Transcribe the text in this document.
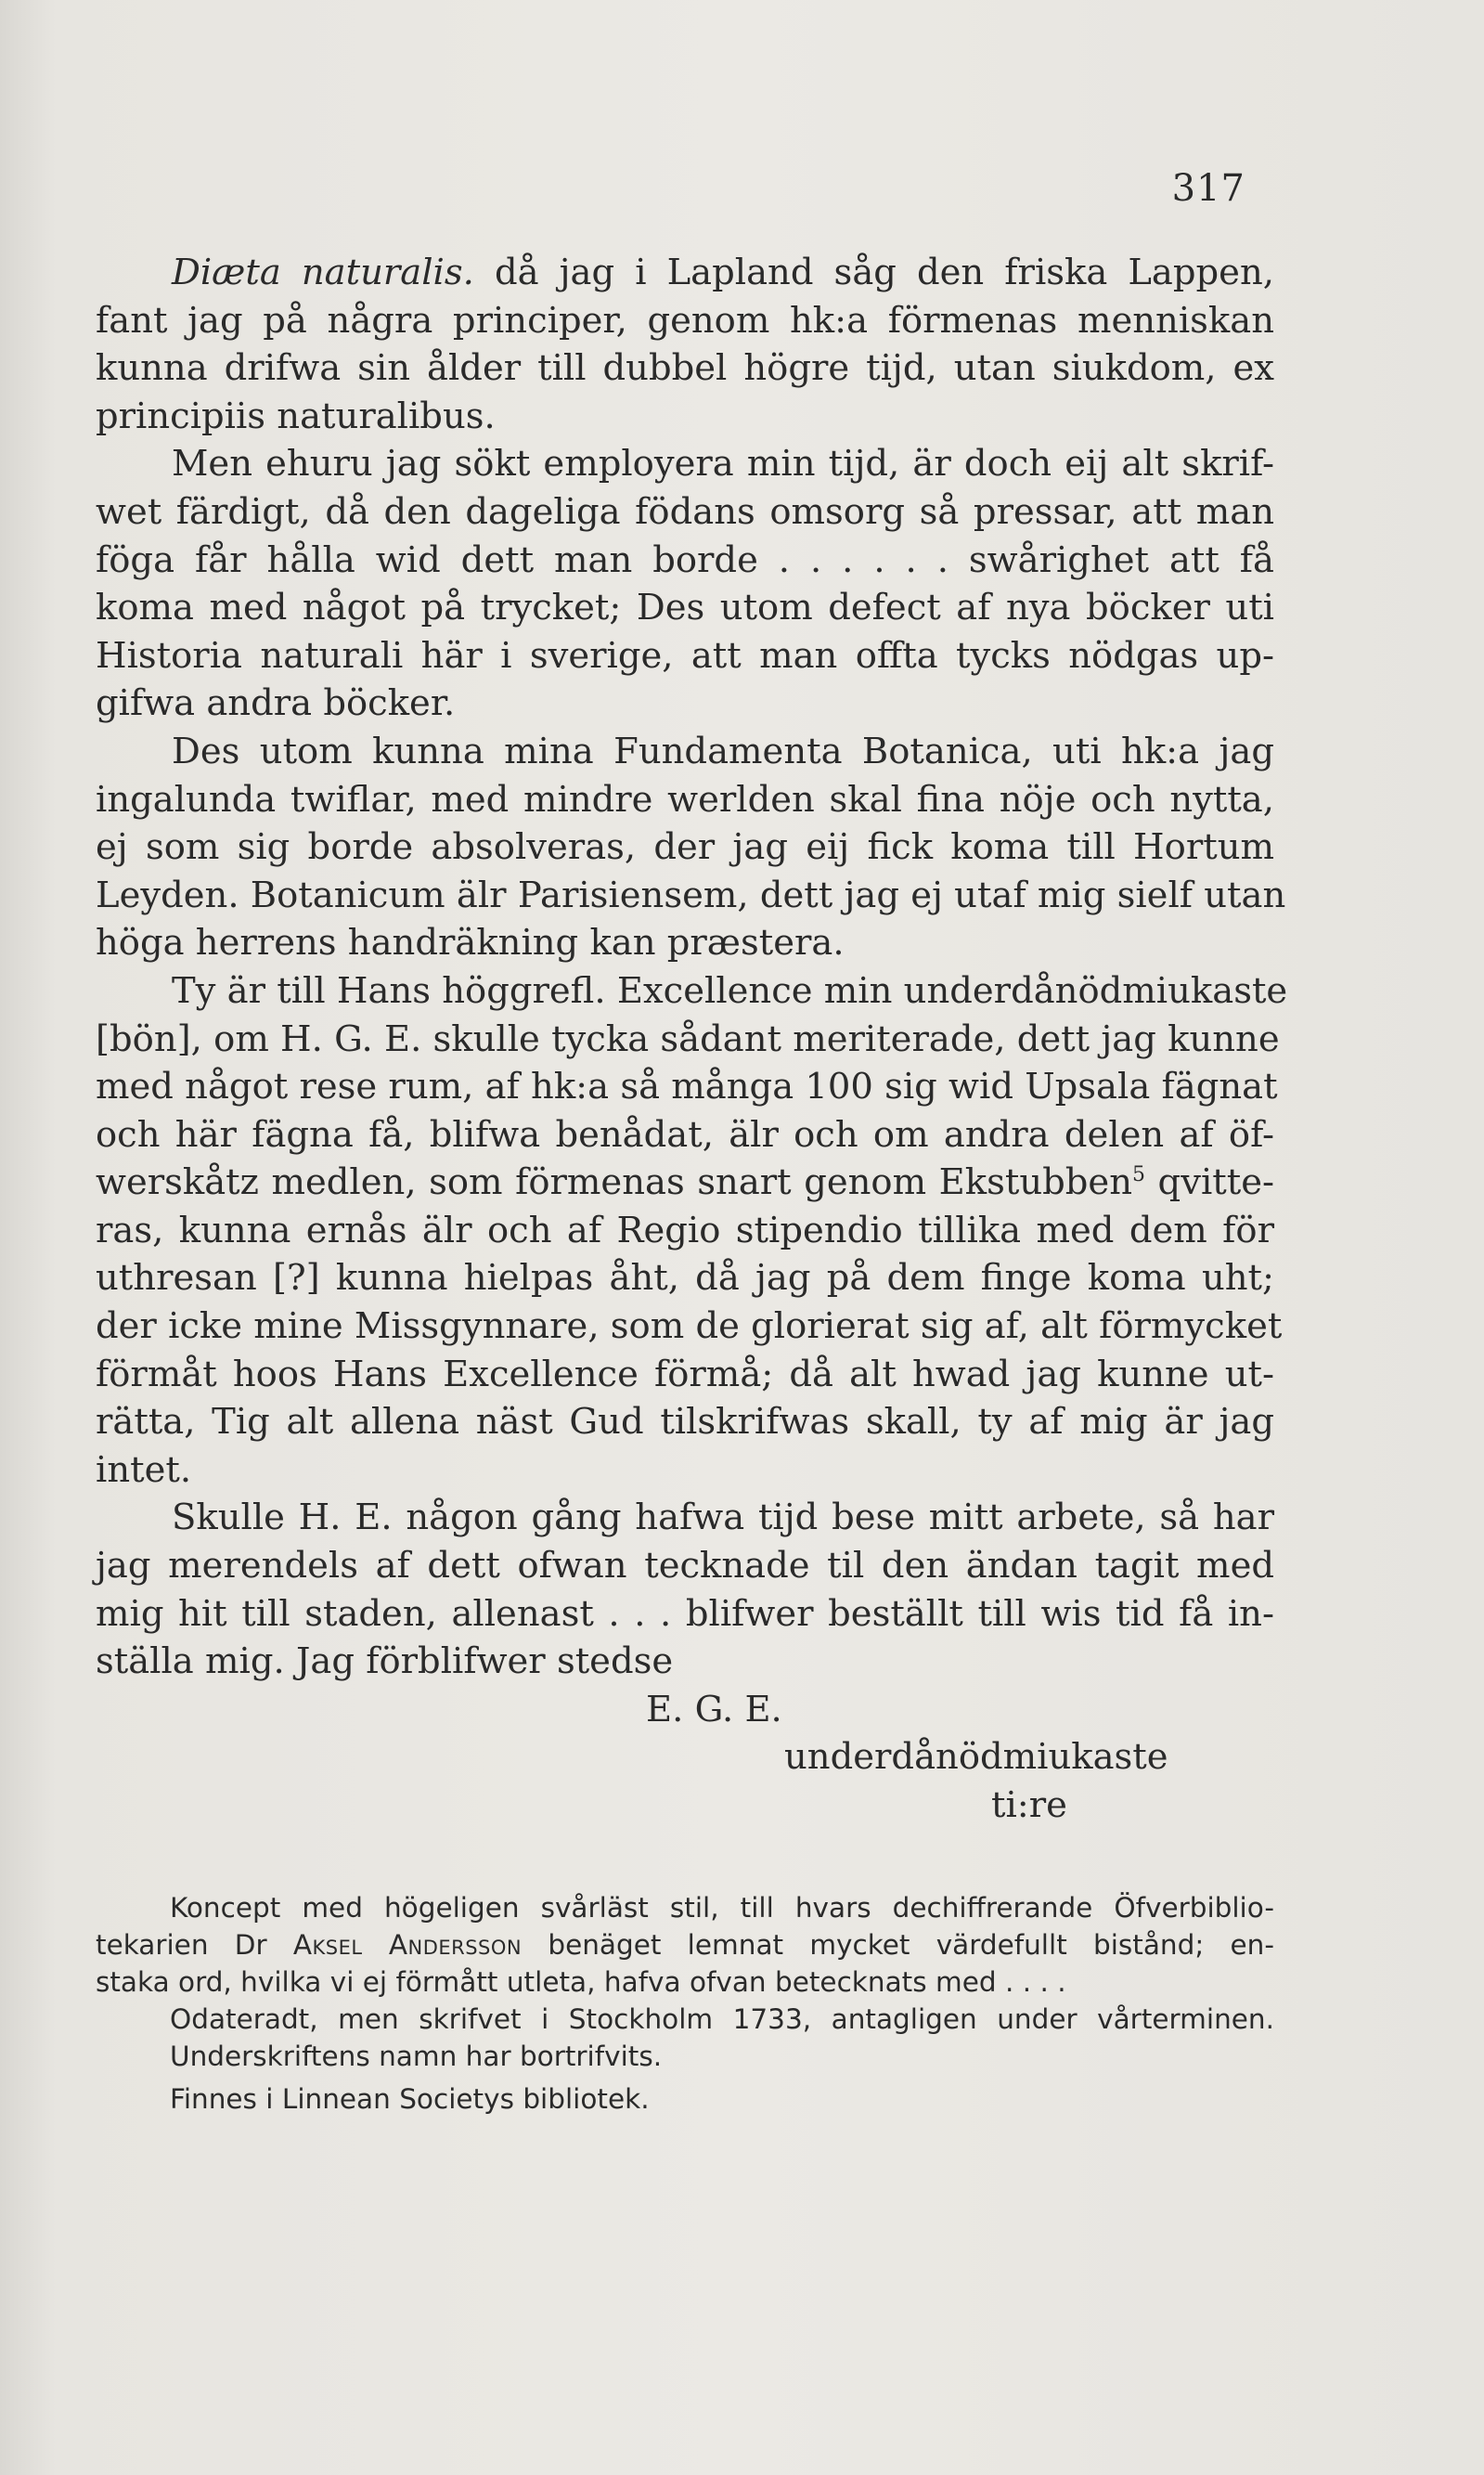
317
Diæta naturalis. då jag i Lapland såg den friska Lappen,
fant jag på några principer, genom hk:a förmenas menniskan
kunna drifwa sin ålder till dubbel högre tijd, utan siukdom, ex
principiis naturalibus.
Men ehuru jag sökt employera min tijd, är doch eij alt skrif-
wet färdigt, då den dageliga födans omsorg så pressar, att man
föga får hålla wid dett man borde . . . . . . swårighet att få
koma med något på trycket; Des utom defect af nya böcker uti
Historia naturali här i sverige, att man offta tycks nödgas up-
gifwa andra böcker.
Des utom kunna mina Fundamenta Botanica, uti hk:a jag
ingalunda twiflar, med mindre werlden skal fina nöje och nytta,
ej som sig borde absolveras, der jag eij fick koma till Hortum
Leyden. Botanicum älr Parisiensem, dett jag ej utaf mig sielf utan
höga herrens handräkning kan præstera.
Ty är till Hans höggrefl. Excellence min underdånödmiukaste
[bön], om H. G. E. skulle tycka sådant meriterade, dett jag kunne
med något rese rum, af hk:a så många 100 sig wid Upsala fägnat
och här fägna få, blifwa benådat, älr och om andra delen af öf-
werskåtz medlen, som förmenas snart genom Ekstubben$^5$ qvitte-
ras, kunna ernås älr och af Regio stipendio tillika med dem för
uthresan [?] kunna hielpas åht, då jag på dem finge koma uht;
der icke mine Missgynnare, som de glorierat sig af, alt förmycket
förmåt hoos Hans Excellence förmå; då alt hwad jag kunne ut-
rätta, Tig alt allena näst Gud tilskrifwas skall, ty af mig är jag
intet.
Skulle H. E. någon gång hafwa tijd bese mitt arbete, så har
jag merendels af dett ofwan tecknade til den ändan tagit med
mig hit till staden, allenast . . . blifwer beställt till wis tid få in-
ställa mig. Jag förblifwer stedse
E. G. E.
underdånödmiukaste
ti:re
Koncept med högeligen svårläst stil, till hvars dechiffrerande Öfverbiblio-
tekarien Dr Aksel Andersson benäget lemnat mycket värdefullt bistånd; en-
staka ord, hvilka vi ej förmått utleta, hafva ofvan betecknats med . . . .
Odateradt, men skrifvet i Stockholm 1733, antagligen under vårterminen.
Underskriftens namn har bortrifvits.
Finnes i Linnean Societys bibliotek.
